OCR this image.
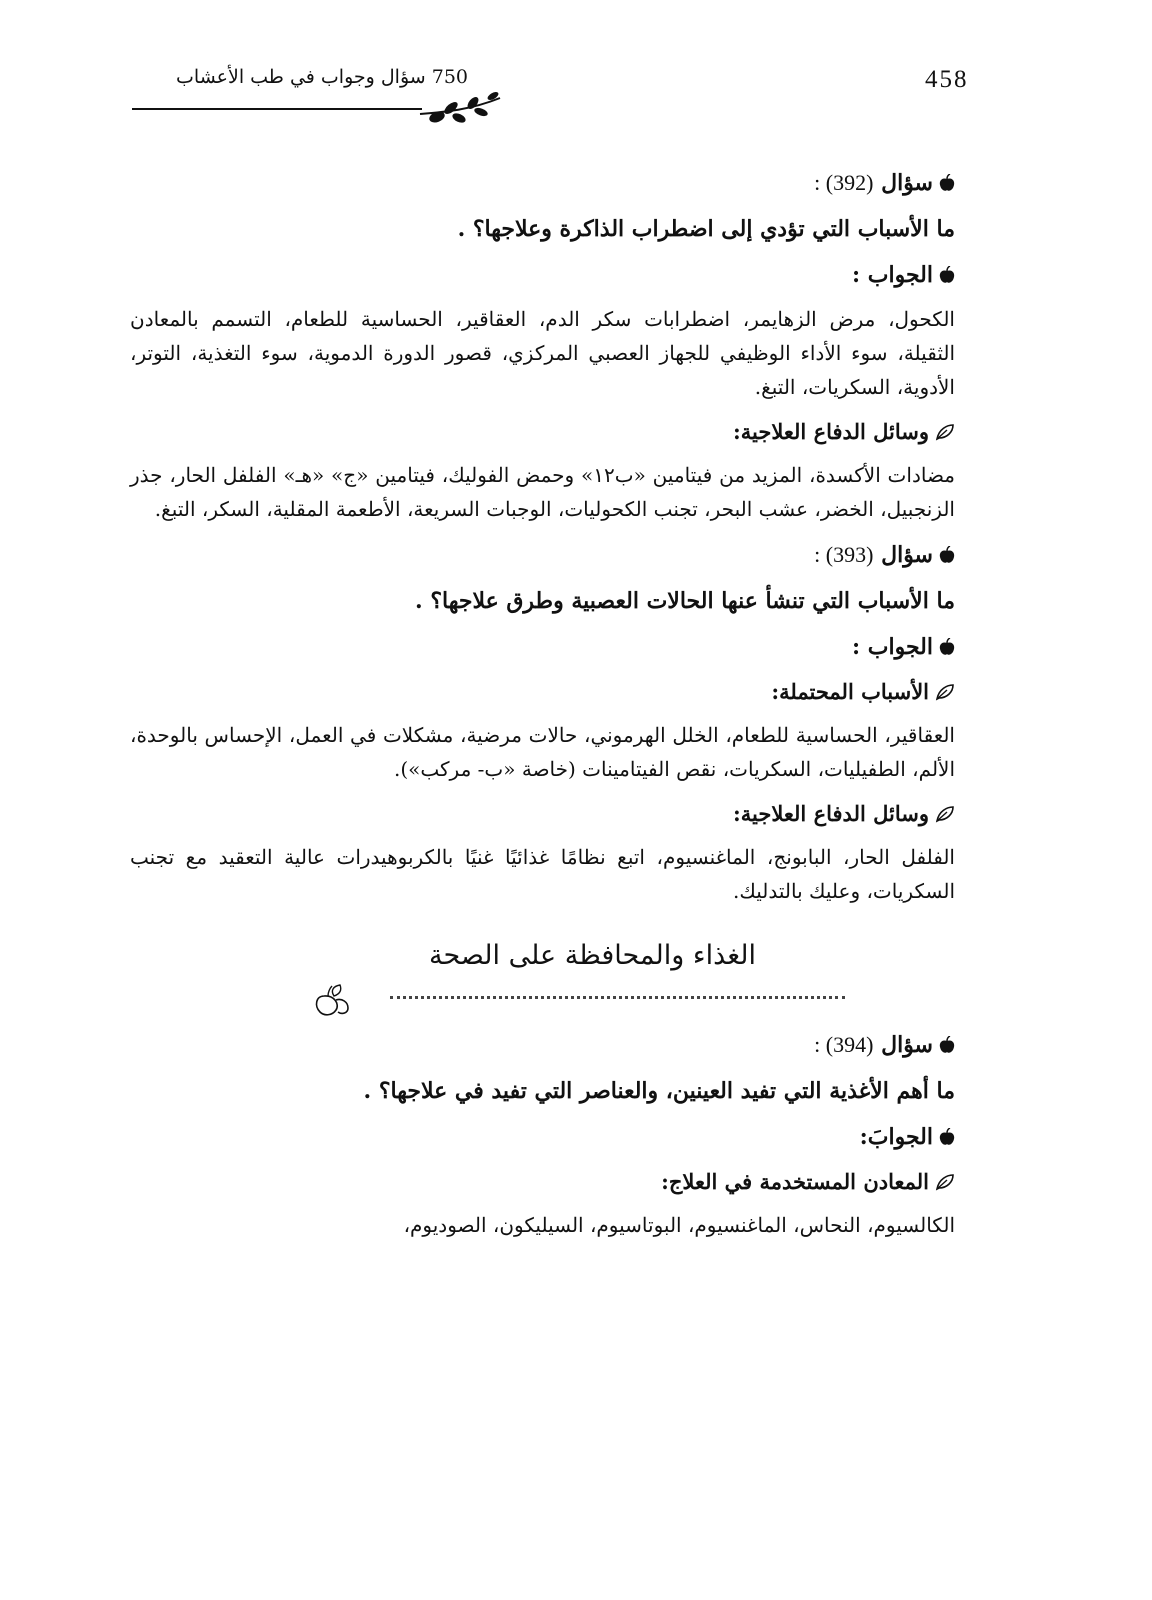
458
750 سؤال وجواب في طب الأعشاب
سؤال (392) :
ما الأسباب التي تؤدي إلى اضطراب الذاكرة وعلاجها؟ .
الجواب :

الكحول، مرض الزهايمر، اضطرابات سكر الدم، العقاقير، الحساسية للطعام، التسمم بالمعادن الثقيلة، سوء الأداء الوظيفي للجهاز العصبي المركزي، قصور الدورة الدموية، سوء التغذية، التوتر، الأدوية، السكريات، التبغ.

وسائل الدفاع العلاجية:

مضادات الأكسدة، المزيد من فيتامين «ب١٢» وحمض الفوليك، فيتامين «ج» «هـ» الفلفل الحار، جذر الزنجبيل، الخضر، عشب البحر، تجنب الكحوليات، الوجبات السريعة، الأطعمة المقلية، السكر، التبغ.

سؤال (393) :
ما الأسباب التي تنشأ عنها الحالات العصبية وطرق علاجها؟ .
الجواب :
الأسباب المحتملة:

العقاقير، الحساسية للطعام، الخلل الهرموني، حالات مرضية، مشكلات في العمل، الإحساس بالوحدة، الألم، الطفيليات، السكريات، نقص الفيتامينات (خاصة «ب- مركب»).

وسائل الدفاع العلاجية:

الفلفل الحار، البابونج، الماغنسيوم، اتبع نظامًا غذائيًا غنيًا بالكربوهيدرات عالية التعقيد مع تجنب السكريات، وعليك بالتدليك.

الغذاء والمحافظة على الصحة
سؤال (394) :
ما أهم الأغذية التي تفيد العينين، والعناصر التي تفيد في علاجها؟ .
الجوابَ:
المعادن المستخدمة في العلاج:

الكالسيوم، النحاس، الماغنسيوم، البوتاسيوم، السيليكون، الصوديوم،
